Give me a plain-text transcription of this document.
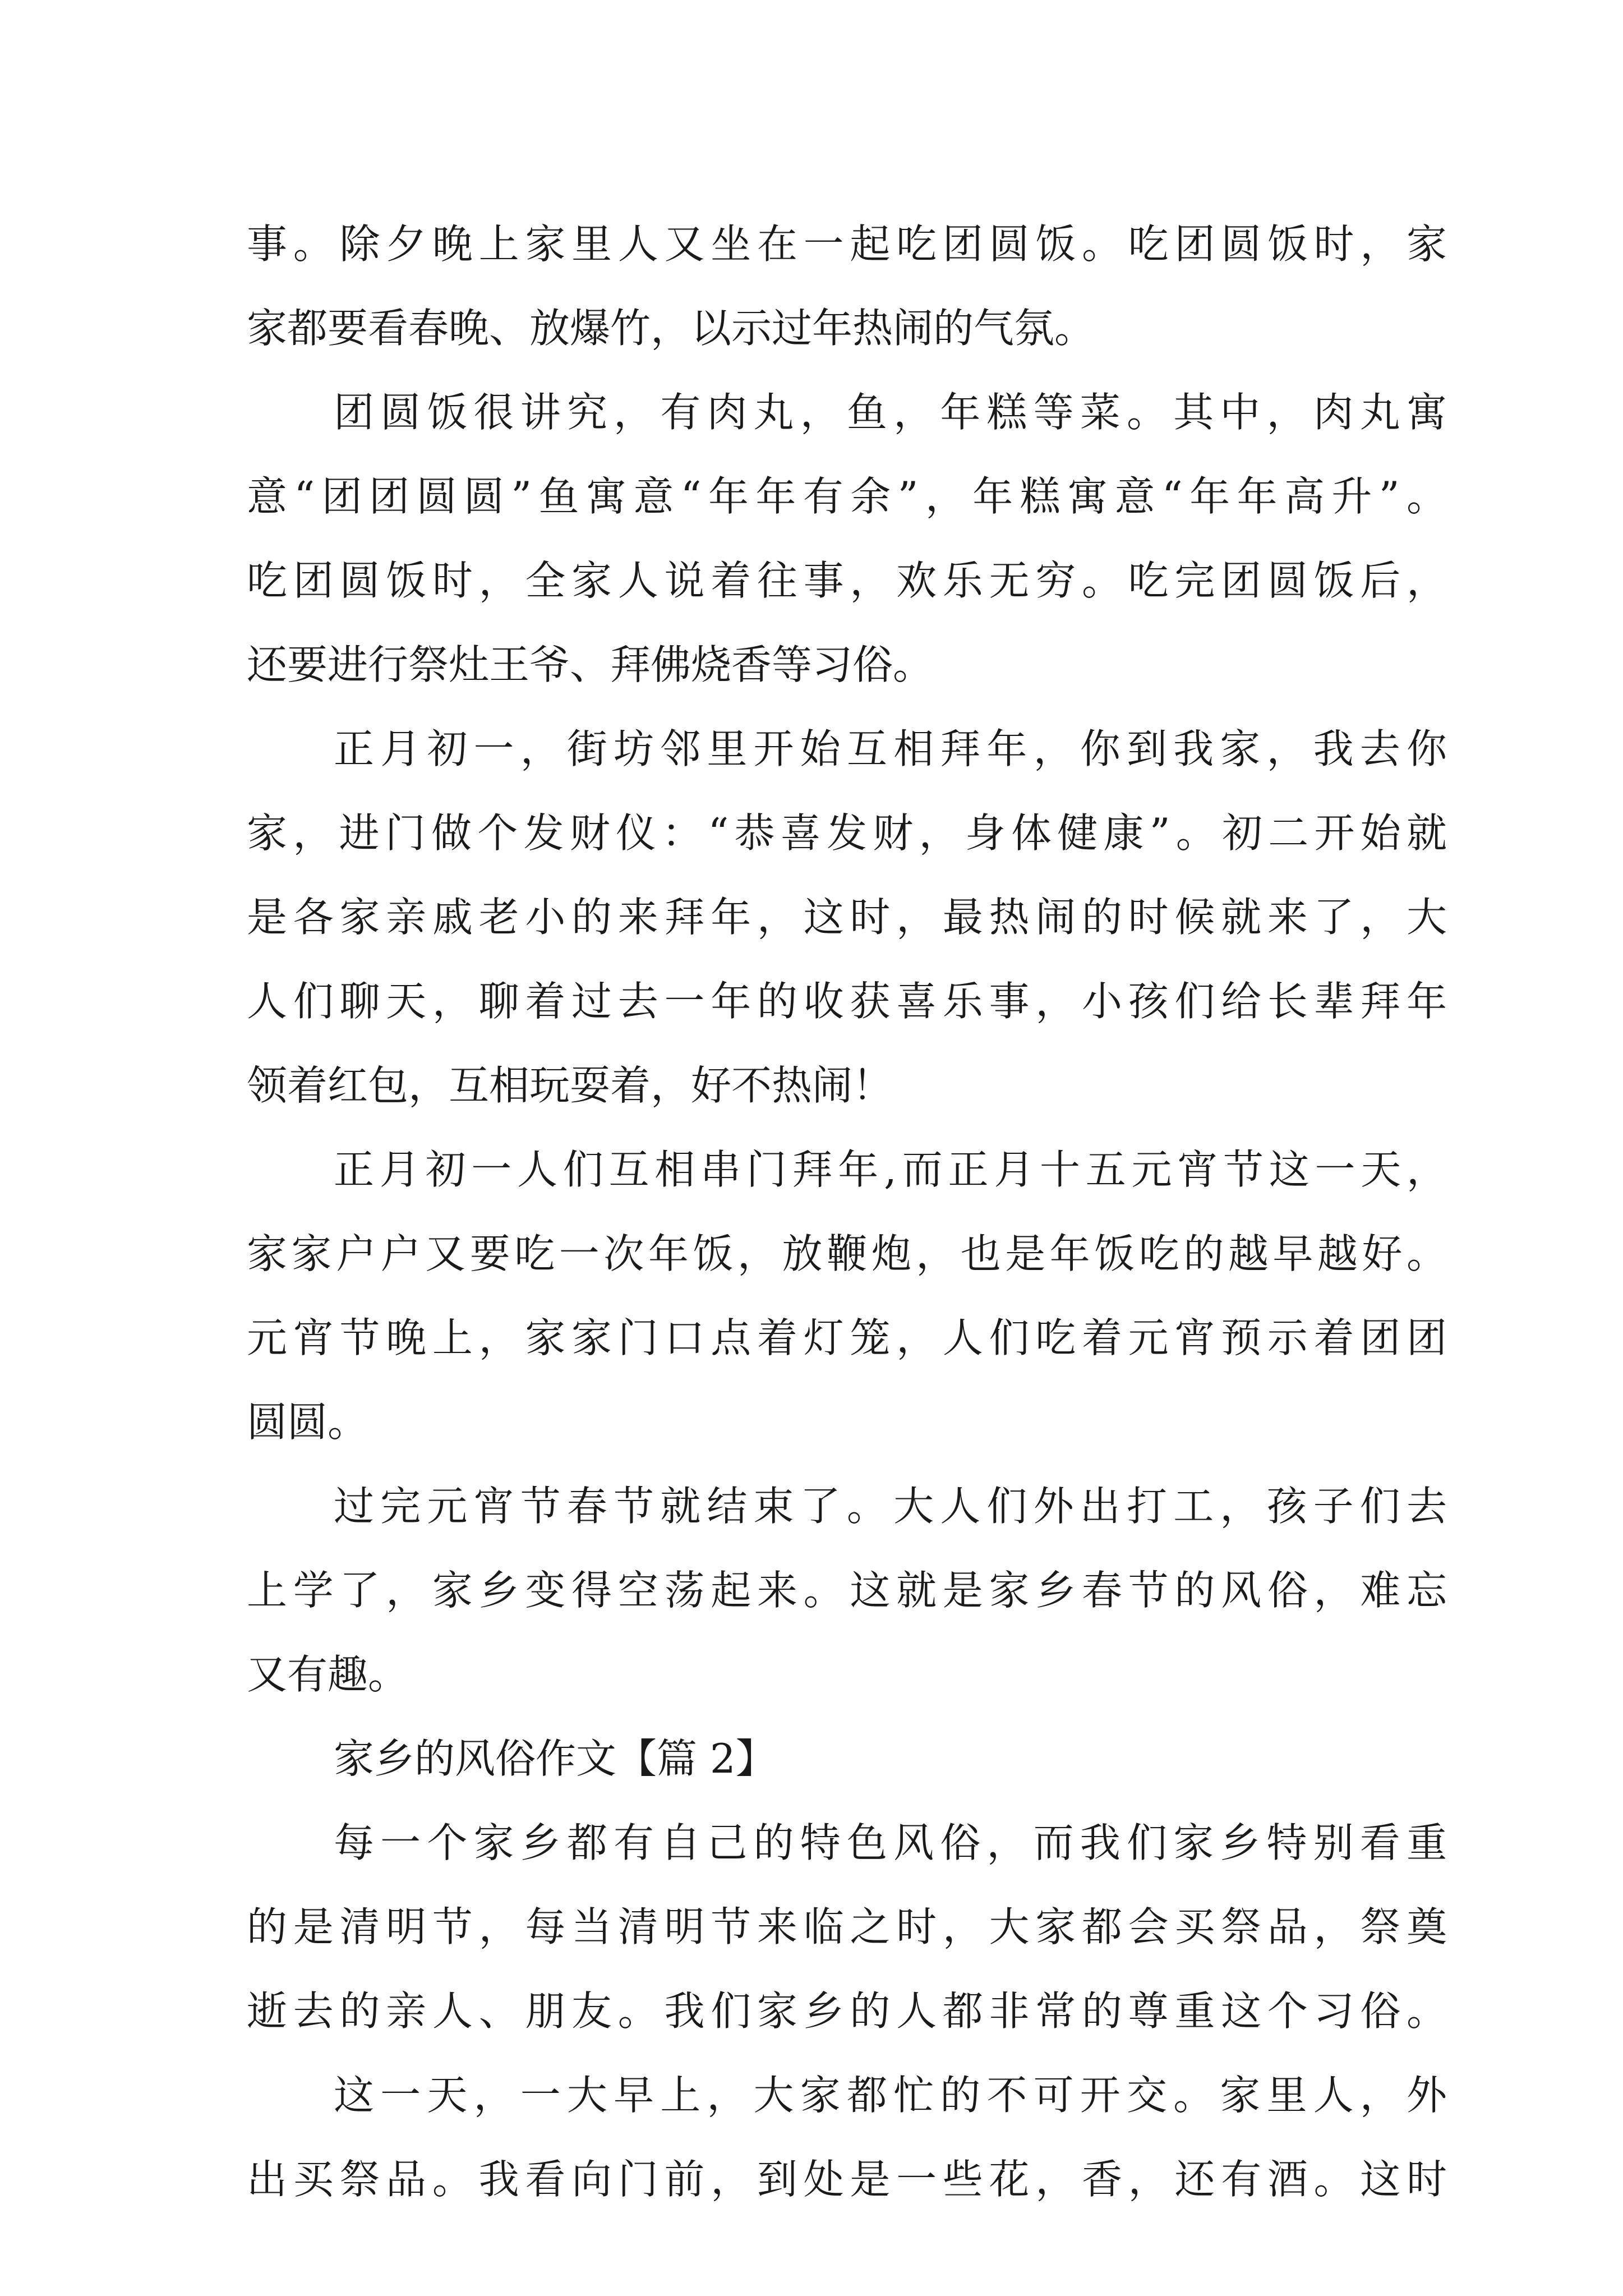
事。除夕晚上家里人又坐在一起吃团圆饭。吃团圆饭时，家
家都要看春晚、放爆竹，以示过年热闹的气氛。
团圆饭很讲究，有肉丸，鱼，年糕等菜。其中，肉丸寓
意“团团圆圆”鱼寓意“年年有余”，年糕寓意“年年高升”。
吃团圆饭时，全家人说着往事，欢乐无穷。吃完团圆饭后，
还要进行祭灶王爷、拜佛烧香等习俗。
正月初一，街坊邻里开始互相拜年，你到我家，我去你
家，进门做个发财仪：“恭喜发财，身体健康”。初二开始就
是各家亲戚老小的来拜年，这时，最热闹的时候就来了，大
人们聊天，聊着过去一年的收获喜乐事，小孩们给长辈拜年
领着红包，互相玩耍着，好不热闹！
正月初一人们互相串门拜年,而正月十五元宵节这一天，
家家户户又要吃一次年饭，放鞭炮，也是年饭吃的越早越好。
元宵节晚上，家家门口点着灯笼，人们吃着元宵预示着团团
圆圆。
过完元宵节春节就结束了。大人们外出打工，孩子们去
上学了，家乡变得空荡起来。这就是家乡春节的风俗，难忘
又有趣。
家乡的风俗作文【篇 2】
每一个家乡都有自己的特色风俗，而我们家乡特别看重
的是清明节，每当清明节来临之时，大家都会买祭品，祭奠
逝去的亲人、朋友。我们家乡的人都非常的尊重这个习俗。
这一天，一大早上，大家都忙的不可开交。家里人，外
出买祭品。我看向门前，到处是一些花，香，还有酒。这时
